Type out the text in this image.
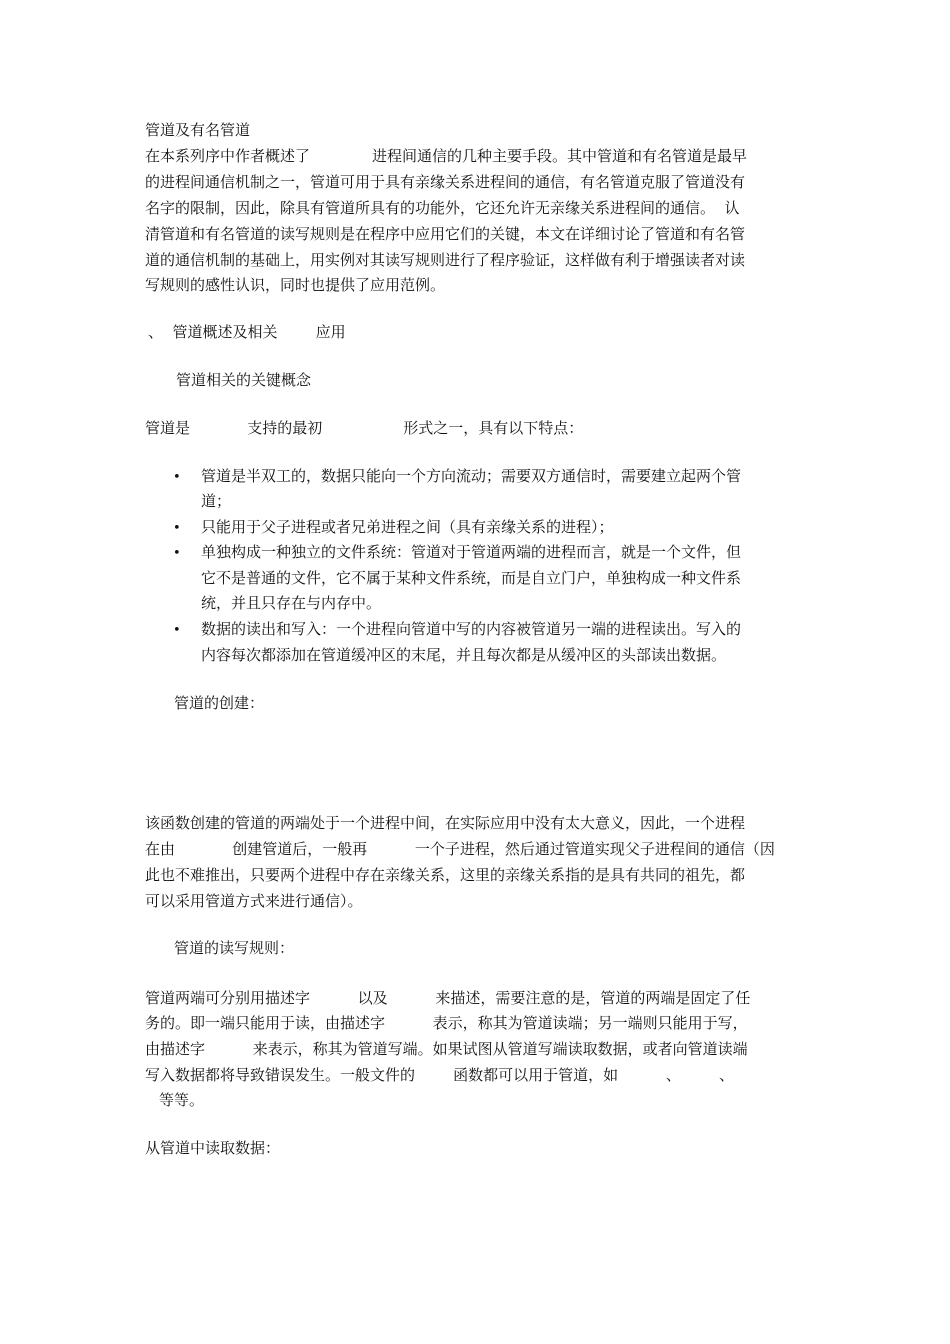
管道及有名管道

在本系列序中作者概述了             进程间通信的几种主要手段。其中管道和有名管道是最早

的进程间通信机制之一，管道可用于具有亲缘关系进程间的通信，有名管道克服了管道没有

名字的限制，因此，除具有管道所具有的功能外，它还允许无亲缘关系进程间的通信。  认

清管道和有名管道的读写规则是在程序中应用它们的关键，本文在详细讨论了管道和有名管

道的通信机制的基础上，用实例对其读写规则进行了程序验证，这样做有利于增强读者对读

写规则的感性认识，同时也提供了应用范例。

、  管道概述及相关        应用

管道相关的关键概念

管道是            支持的最初                 形式之一，具有以下特点：

• 管道是半双工的，数据只能向一个方向流动；需要双方通信时，需要建立起两个管
道；
• 只能用于父子进程或者兄弟进程之间（具有亲缘关系的进程）；
• 单独构成一种独立的文件系统：管道对于管道两端的进程而言，就是一个文件，但
它不是普通的文件，它不属于某种文件系统，而是自立门户，单独构成一种文件系
统，并且只存在与内存中。
• 数据的读出和写入：一个进程向管道中写的内容被管道另一端的进程读出。写入的
内容每次都添加在管道缓冲区的末尾，并且每次都是从缓冲区的头部读出数据。

管道的创建：

该函数创建的管道的两端处于一个进程中间，在实际应用中没有太大意义，因此，一个进程

在由            创建管道后，一般再          一个子进程，然后通过管道实现父子进程间的通信（因

此也不难推出，只要两个进程中存在亲缘关系，这里的亲缘关系指的是具有共同的祖先，都

可以采用管道方式来进行通信）。

管道的读写规则：

管道两端可分别用描述字          以及          来描述，需要注意的是，管道的两端是固定了任

务的。即一端只能用于读，由描述字          表示，称其为管道读端；另一端则只能用于写，

由描述字          来表示，称其为管道写端。如果试图从管道写端读取数据，或者向管道读端

写入数据都将导致错误发生。一般文件的        函数都可以用于管道，如          、        、

等等。

从管道中读取数据：
